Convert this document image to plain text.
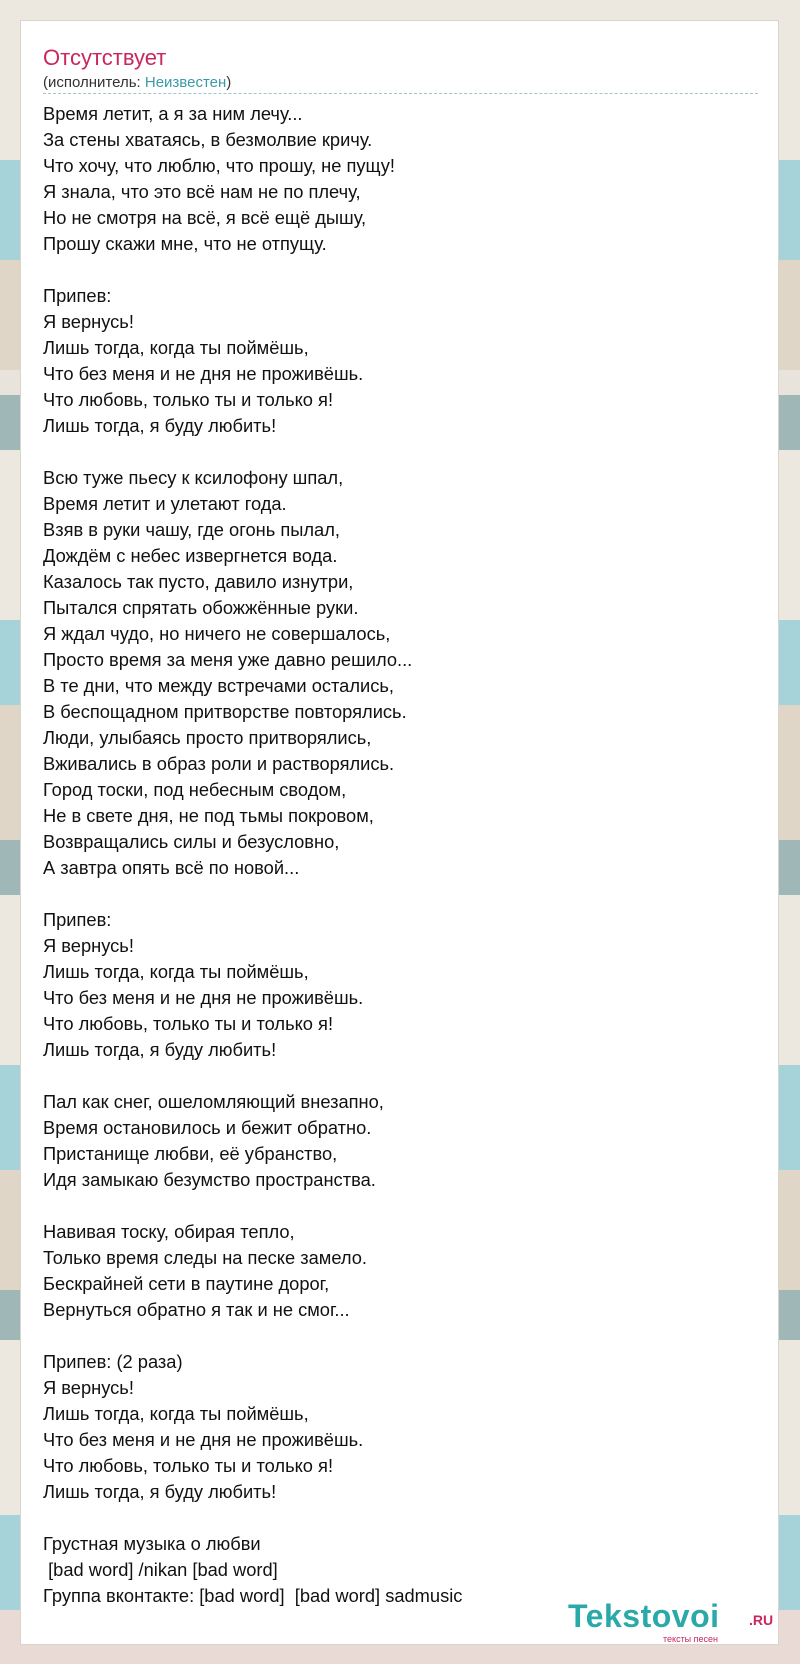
Отсутствует
(исполнитель: Неизвестен)
Время летит, а я за ним лечу...
За стены хватаясь, в безмолвие кричу.
Что хочу, что люблю, что прошу, не пущу!
Я знала, что это всё нам не по плечу,
Но не смотря на всё, я всё ещё дышу,
Прошу скажи мне, что не отпущу.
Припев:
Я вернусь!
Лишь тогда, когда ты поймёшь,
Что без меня и не дня не проживёшь.
Что любовь, только ты и только я!
Лишь тогда, я буду любить!
Всю туже пьесу к ксилофону шпал,
Время летит и улетают года.
Взяв в руки чашу, где огонь пылал,
Дождём с небес извергнется вода.
Казалось так пусто, давило изнутри,
Пытался спрятать обожжённые руки.
Я ждал чудо, но ничего не совершалось,
Просто время за меня уже давно решило...
В те дни, что между встречами остались,
В беспощадном притворстве повторялись.
Люди, улыбаясь просто притворялись,
Вживались в образ роли и растворялись.
Город тоски, под небесным сводом,
Не в свете дня, не под тьмы покровом,
Возвращались силы и безусловно,
А завтра опять всё по новой...
Припев:
Я вернусь!
Лишь тогда, когда ты поймёшь,
Что без меня и не дня не проживёшь.
Что любовь, только ты и только я!
Лишь тогда, я буду любить!
Пал как снег, ошеломляющий внезапно,
Время остановилось и бежит обратно.
Пристанище любви, её убранство,
Идя замыкаю безумство пространства.
Навивая тоску, обирая тепло,
Только время следы на песке замело.
Бескрайней сети в паутине дорог,
Вернуться обратно я так и не смог...
Припев: (2 раза)
Я вернусь!
Лишь тогда, когда ты поймёшь,
Что без меня и не дня не проживёшь.
Что любовь, только ты и только я!
Лишь тогда, я буду любить!
Грустная музыка о любви
[bad word] /nikan [bad word]
Группа вконтакте: [bad word]  [bad word] sadmusic
Tekstovoi .RU
тексты песен
